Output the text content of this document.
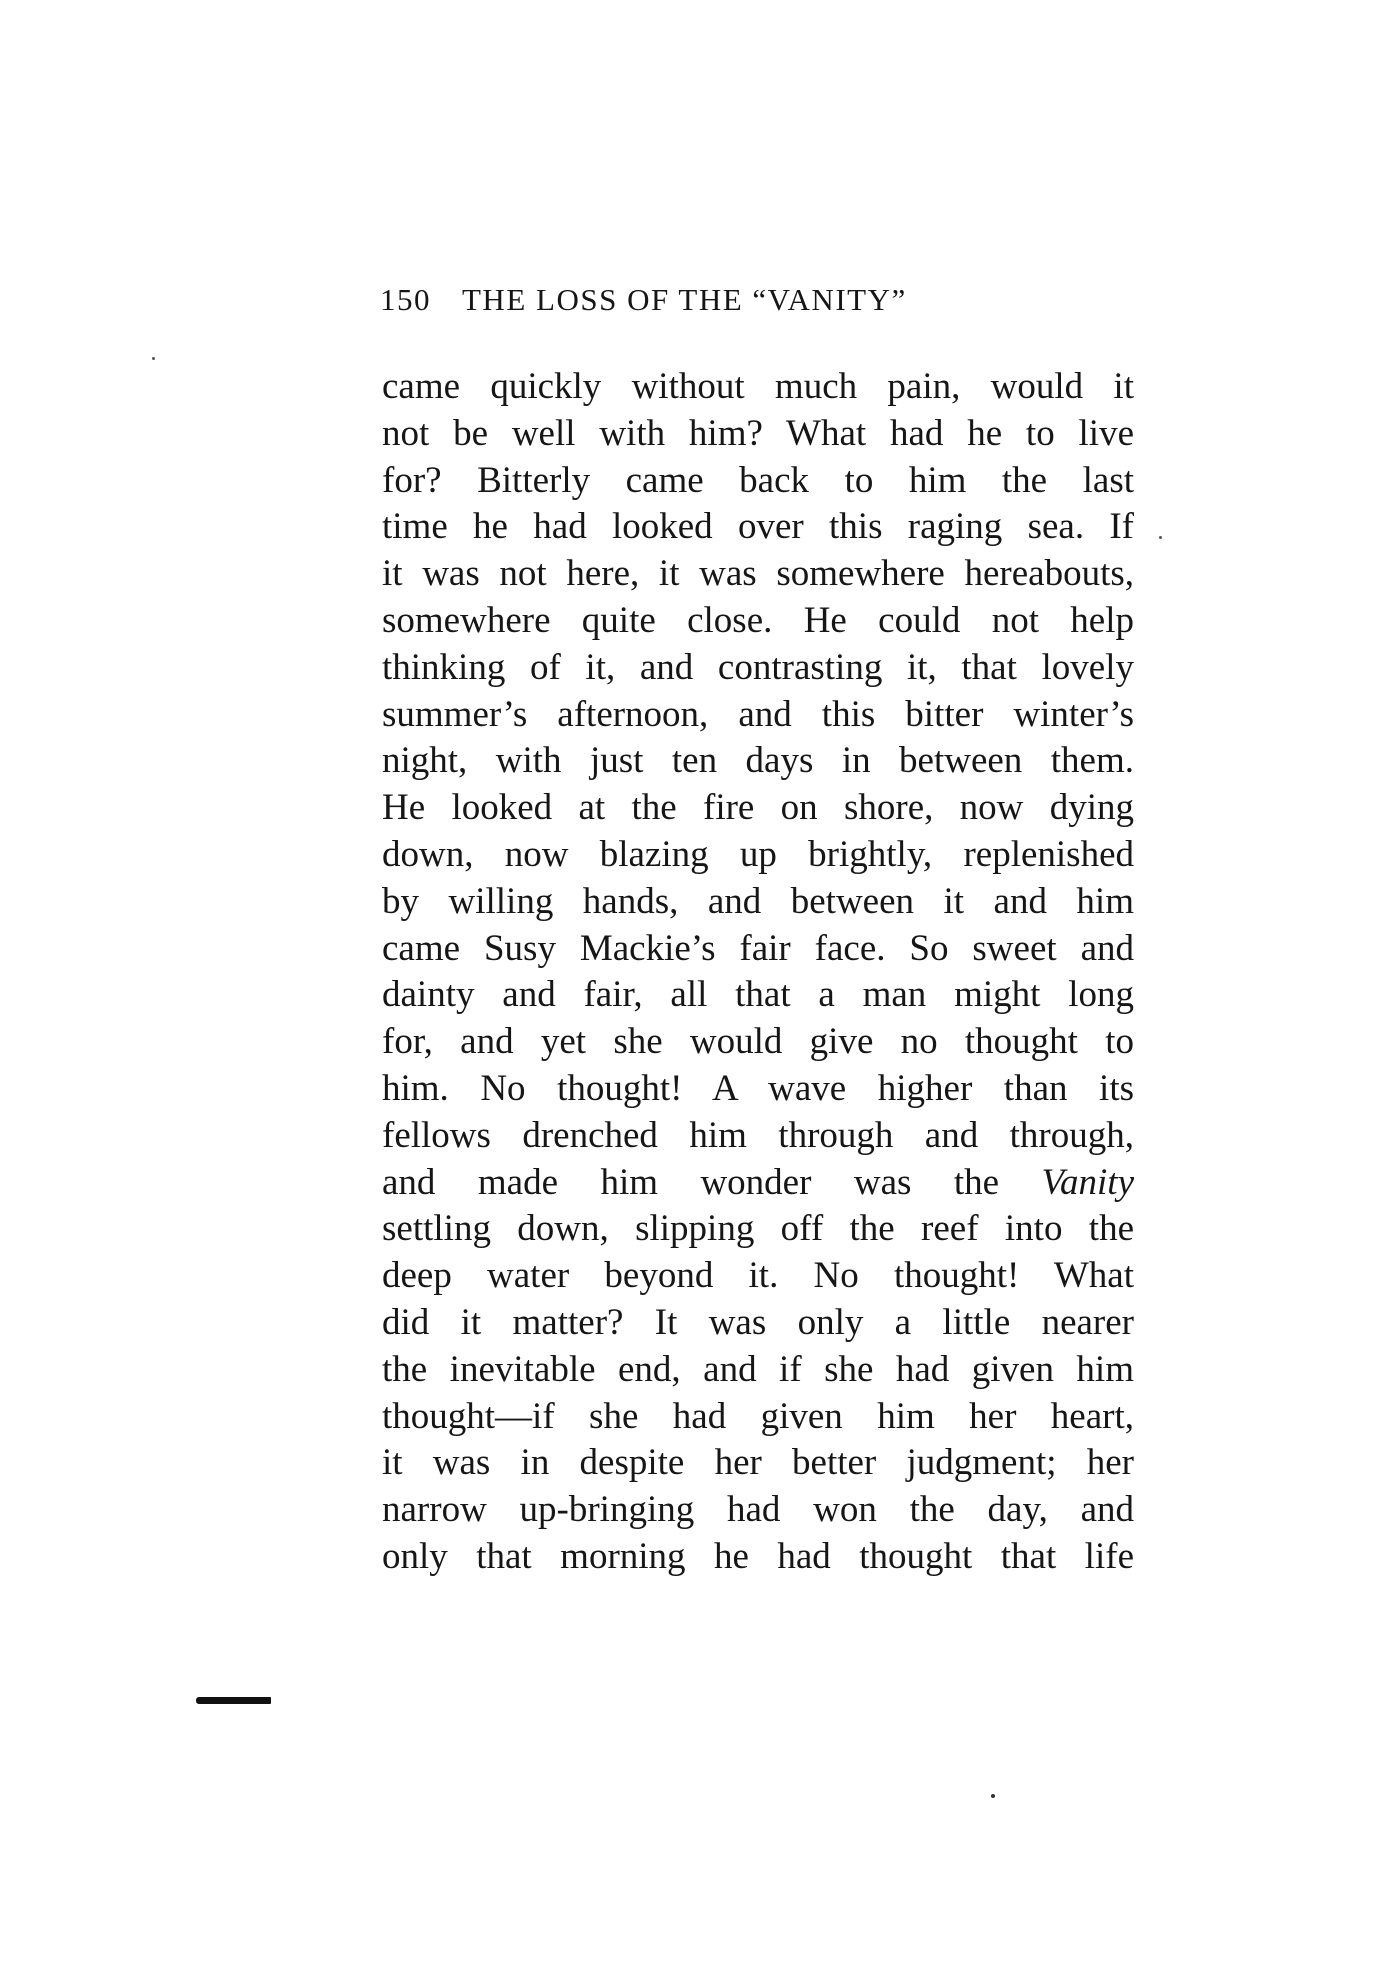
150 THE LOSS OF THE “VANITY”
came quickly without much pain, would it
not be well with him? What had he to live
for? Bitterly came back to him the last
time he had looked over this raging sea. If
it was not here, it was somewhere hereabouts,
somewhere quite close. He could not help
thinking of it, and contrasting it, that lovely
summer’s afternoon, and this bitter winter’s
night, with just ten days in between them.
He looked at the fire on shore, now dying
down, now blazing up brightly, replenished
by willing hands, and between it and him
came Susy Mackie’s fair face. So sweet and
dainty and fair, all that a man might long
for, and yet she would give no thought to
him. No thought! A wave higher than its
fellows drenched him through and through,
and made him wonder was the Vanity
settling down, slipping off the reef into the
deep water beyond it. No thought! What
did it matter? It was only a little nearer
the inevitable end, and if she had given him
thought—if she had given him her heart,
it was in despite her better judgment; her
narrow up-bringing had won the day, and
only that morning he had thought that life
